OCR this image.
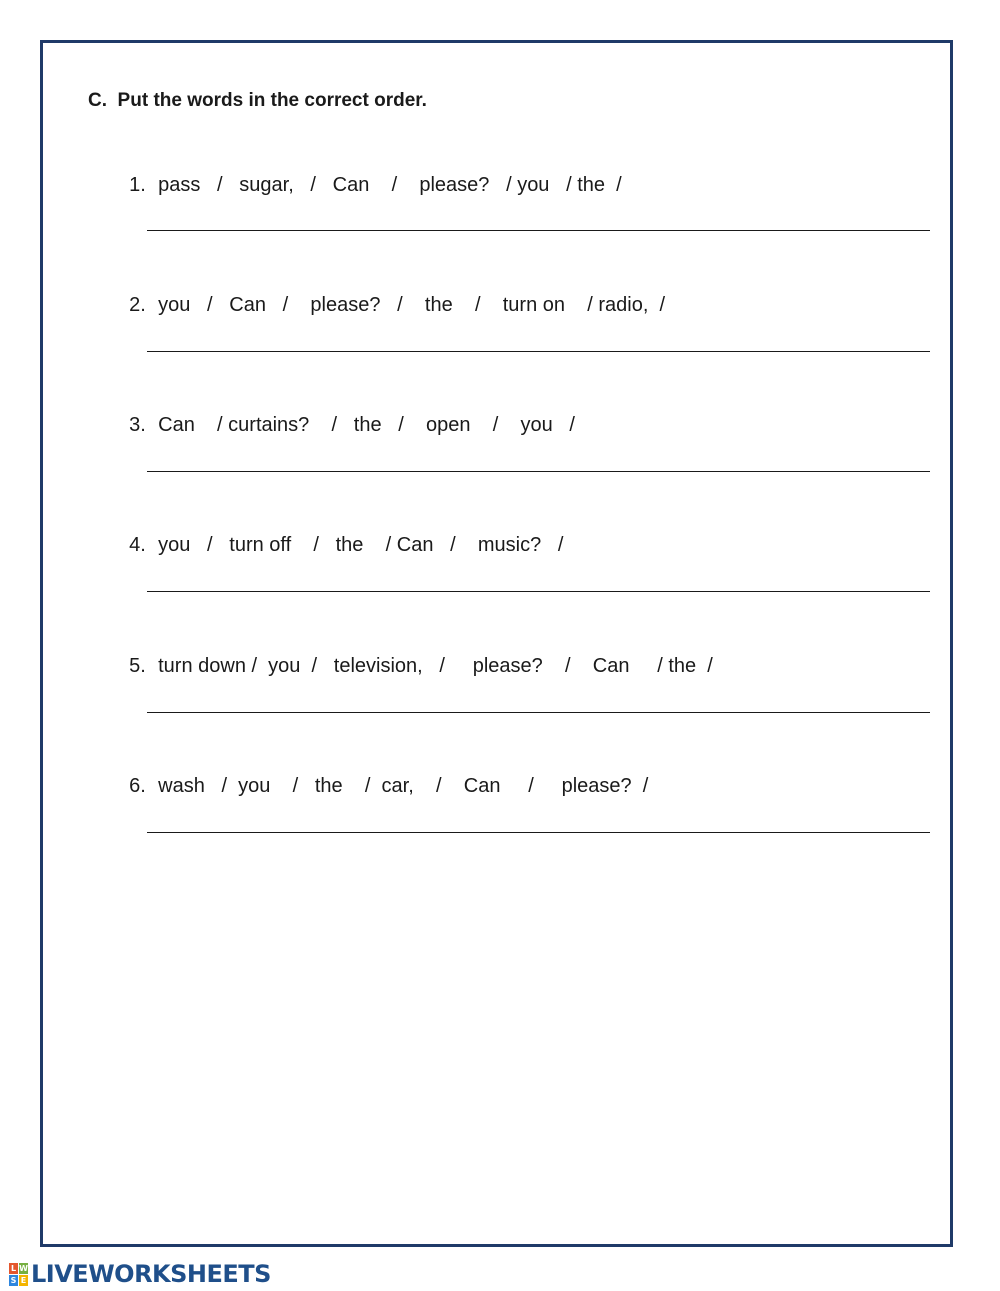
C.  Put the words in the correct order.

1. pass   /   sugar,   /   Can    /    please?   / you   / the  /

2. you   /   Can   /    please?   /    the    /    turn on    / radio,  /

3. Can    / curtains?    /   the   /    open    /    you   /

4. you   /   turn off    /   the    / Can   /    music?   /

5. turn down /  you  /   television,   /     please?    /    Can     / the  /

6. wash   /  you    /   the    /  car,    /    Can     /     please?  /

L W
S E LIVEWORKSHEETS
